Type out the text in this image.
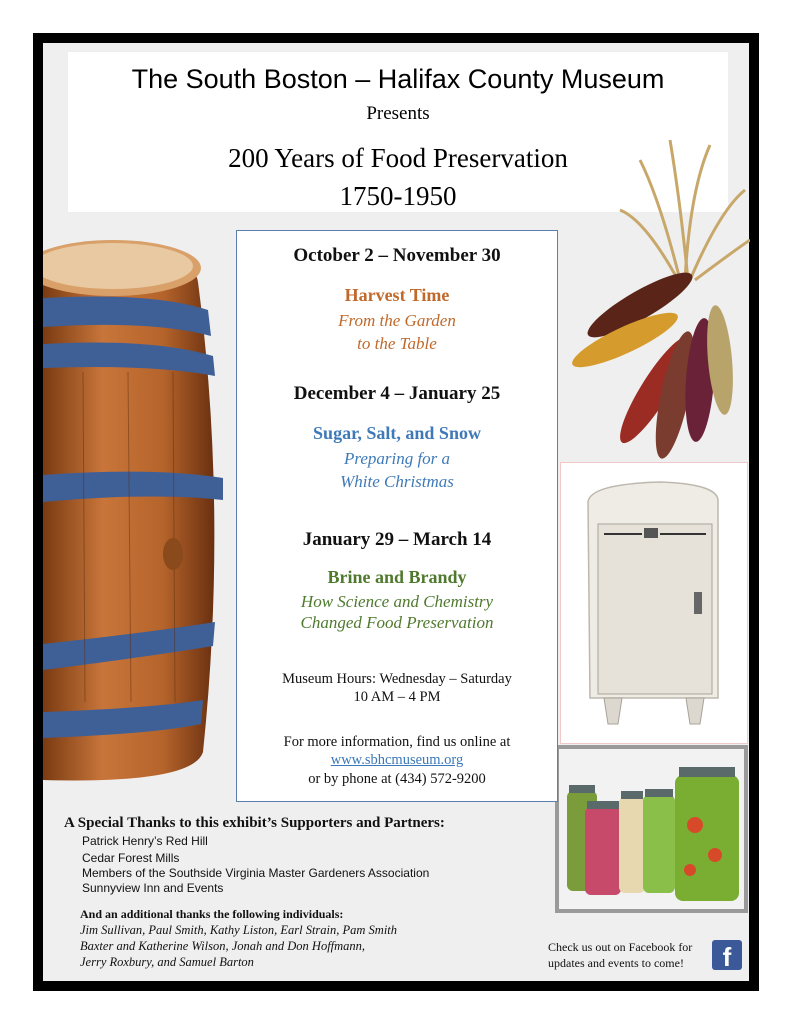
The South Boston – Halifax County Museum
Presents
200 Years of Food Preservation
1750-1950
October 2 – November 30
Harvest Time
From the Garden
to the Table
December 4 – January 25
Sugar, Salt, and Snow
Preparing for a
White Christmas
January 29 – March 14
Brine and Brandy
How Science and Chemistry
Changed Food Preservation
Museum Hours: Wednesday – Saturday
10 AM – 4 PM
For more information, find us online at
www.sbhcmuseum.org
or by phone at (434) 572-9200
A Special Thanks to this exhibit’s Supporters and Partners:
Patrick Henry’s Red Hill
Cedar Forest Mills
Members of the Southside Virginia Master Gardeners Association
Sunnyview Inn and Events
And an additional thanks the following individuals:
Jim Sullivan, Paul Smith, Kathy Liston, Earl Strain, Pam Smith
Baxter and Katherine Wilson, Jonah and Don Hoffmann,
Jerry Roxbury, and Samuel Barton
Check us out on Facebook for
updates and events to come!	f
